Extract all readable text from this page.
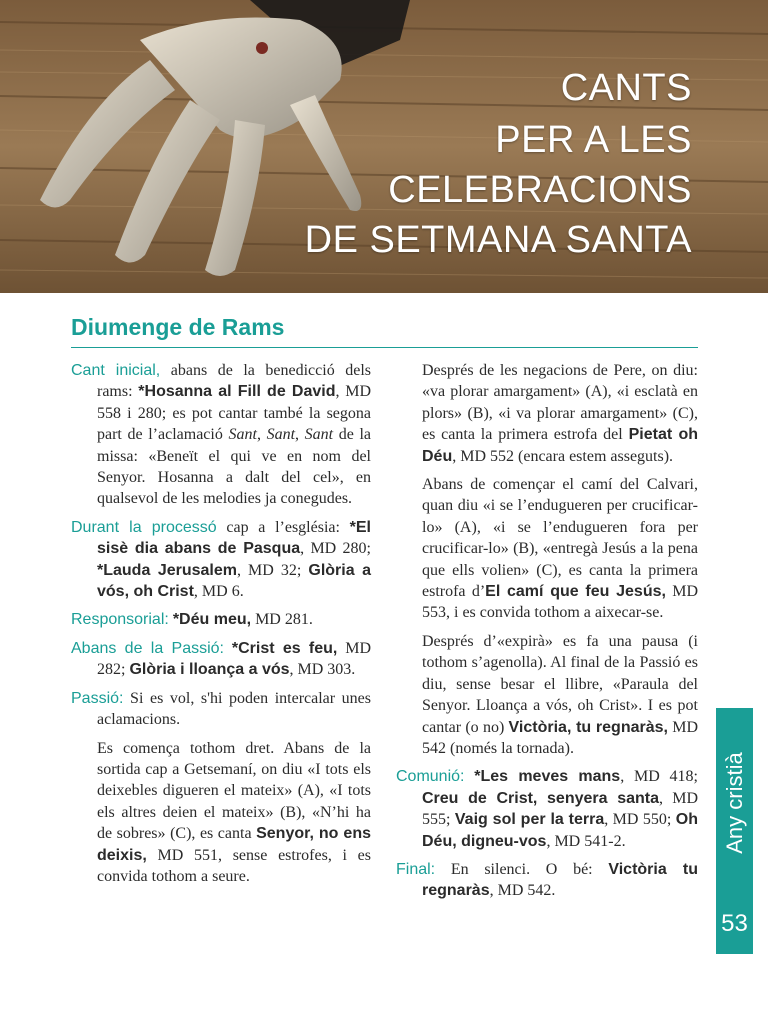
CANTS
PER A LES
CELEBRACIONS
DE SETMANA SANTA
Diumenge de Rams

Cant inicial, abans de la benedicció dels rams: *Hosanna al Fill de David, MD 558 i 280; es pot cantar també la segona part de l’aclamació Sant, Sant, Sant de la missa: «Beneït el qui ve en nom del Senyor. Hosanna a dalt del cel», en qualsevol de les melodies ja conegudes.

Durant la processó cap a l’església: *El sisè dia abans de Pasqua, MD 280; *Lauda Jerusalem, MD 32; Glòria a vós, oh Crist, MD 6.

Responsorial: *Déu meu, MD 281.

Abans de la Passió: *Crist es feu, MD 282; Glòria i lloança a vós, MD 303.

Passió: Si es vol, s'hi poden intercalar unes aclamacions.

Es comença tothom dret. Abans de la sortida cap a Getsemaní, on diu «I tots els deixebles digueren el mateix» (A), «I tots els altres deien el mateix» (B), «N’hi ha de sobres» (C), es canta Senyor, no ens deixis, MD 551, sense estrofes, i es convida tothom a seure.

Després de les negacions de Pere, on diu: «va plorar amargament» (A), «i esclatà en plors» (B), «i va plorar amargament» (C), es canta la primera estrofa del Pietat oh Déu, MD 552 (encara estem asseguts).

Abans de començar el camí del Calvari, quan diu «i se l’endugueren per crucificar-lo» (A), «i se l’endugueren fora per crucificar-lo» (B), «entregà Jesús a la pena que ells volien» (C), es canta la primera estrofa d’El camí que feu Jesús, MD 553, i es convida tothom a aixecar-se.

Després d’«expirà» es fa una pausa (i tothom s’agenolla). Al final de la Passió es diu, sense besar el llibre, «Paraula del Senyor. Lloança a vós, oh Crist». I es pot cantar (o no) Victòria, tu regnaràs, MD 542 (només la tornada).

Comunió: *Les meves mans, MD 418; Creu de Crist, senyera santa, MD 555; Vaig sol per la terra, MD 550; Oh Déu, digneu-vos, MD 541-2.

Final: En silenci. O bé: Victòria tu regnaràs, MD 542.

Any cristià
53
